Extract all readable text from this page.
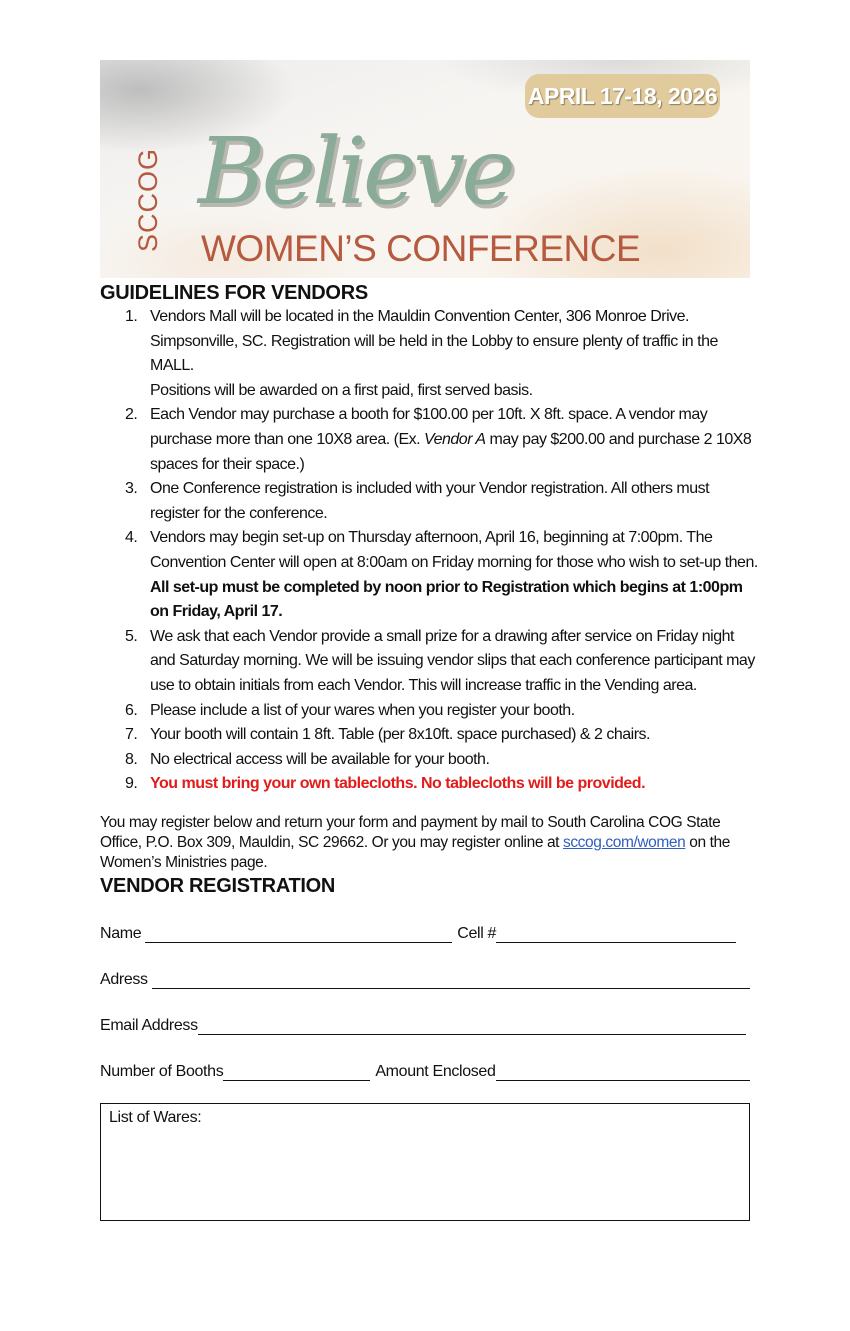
SCCOG
APRIL 17-18, 2026
Believe
WOMEN’S CONFERENCE
GUIDELINES FOR VENDORS
1. Vendors Mall will be located in the Mauldin Convention Center, 306 Monroe Drive. Simpsonville, SC. Registration will be held in the Lobby to ensure plenty of traffic in the MALL.
Positions will be awarded on a first paid, first served basis.
2. Each Vendor may purchase a booth for $100.00 per 10ft. X 8ft. space. A vendor may purchase more than one 10X8 area. (Ex. Vendor A may pay $200.00 and purchase 2 10X8 spaces for their space.)
3. One Conference registration is included with your Vendor registration. All others must register for the conference.
4. Vendors may begin set-up on Thursday afternoon, April 16, beginning at 7:00pm. The Convention Center will open at 8:00am on Friday morning for those who wish to set-up then. All set-up must be completed by noon prior to Registration which begins at 1:00pm on Friday, April 17.
5. We ask that each Vendor provide a small prize for a drawing after service on Friday night and Saturday morning. We will be issuing vendor slips that each conference participant may use to obtain initials from each Vendor. This will increase traffic in the Vending area.
6. Please include a list of your wares when you register your booth.
7. Your booth will contain 1 8ft. Table (per 8x10ft. space purchased) & 2 chairs.
8. No electrical access will be available for your booth.
9. You must bring your own tablecloths. No tablecloths will be provided.
You may register below and return your form and payment by mail to South Carolina COG State Office, P.O. Box 309, Mauldin, SC 29662. Or you may register online at sccog.com/women on the Women’s Ministries page.
VENDOR REGISTRATION
Name	Cell #
Adress
Email Address
Number of Booths	Amount Enclosed
List of Wares:
